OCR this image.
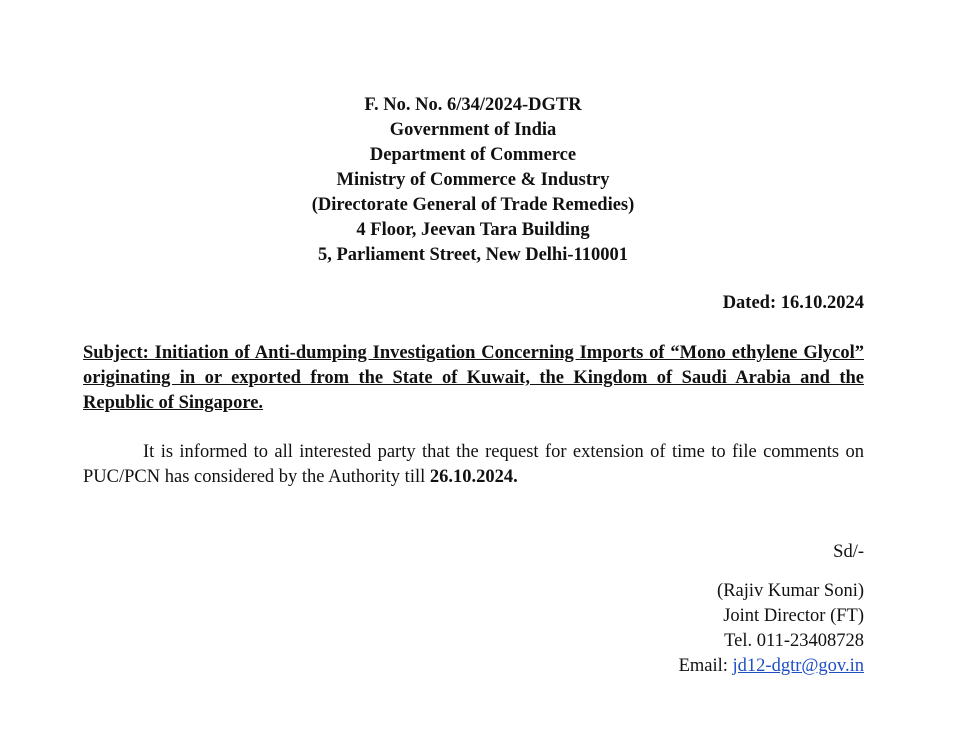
F. No. No. 6/34/2024-DGTR
Government of India
Department of Commerce
Ministry of Commerce & Industry
(Directorate General of Trade Remedies)
4 Floor, Jeevan Tara Building
5, Parliament Street, New Delhi-110001
Dated: 16.10.2024
Subject: Initiation of Anti-dumping Investigation Concerning Imports of “Mono ethylene Glycol” originating in or exported from the State of Kuwait, the Kingdom of Saudi Arabia and the Republic of Singapore.
It is informed to all interested party that the request for extension of time to file comments on PUC/PCN has considered by the Authority till 26.10.2024.
Sd/-
(Rajiv Kumar Soni)
Joint Director (FT)
Tel. 011-23408728
Email: jd12-dgtr@gov.in
